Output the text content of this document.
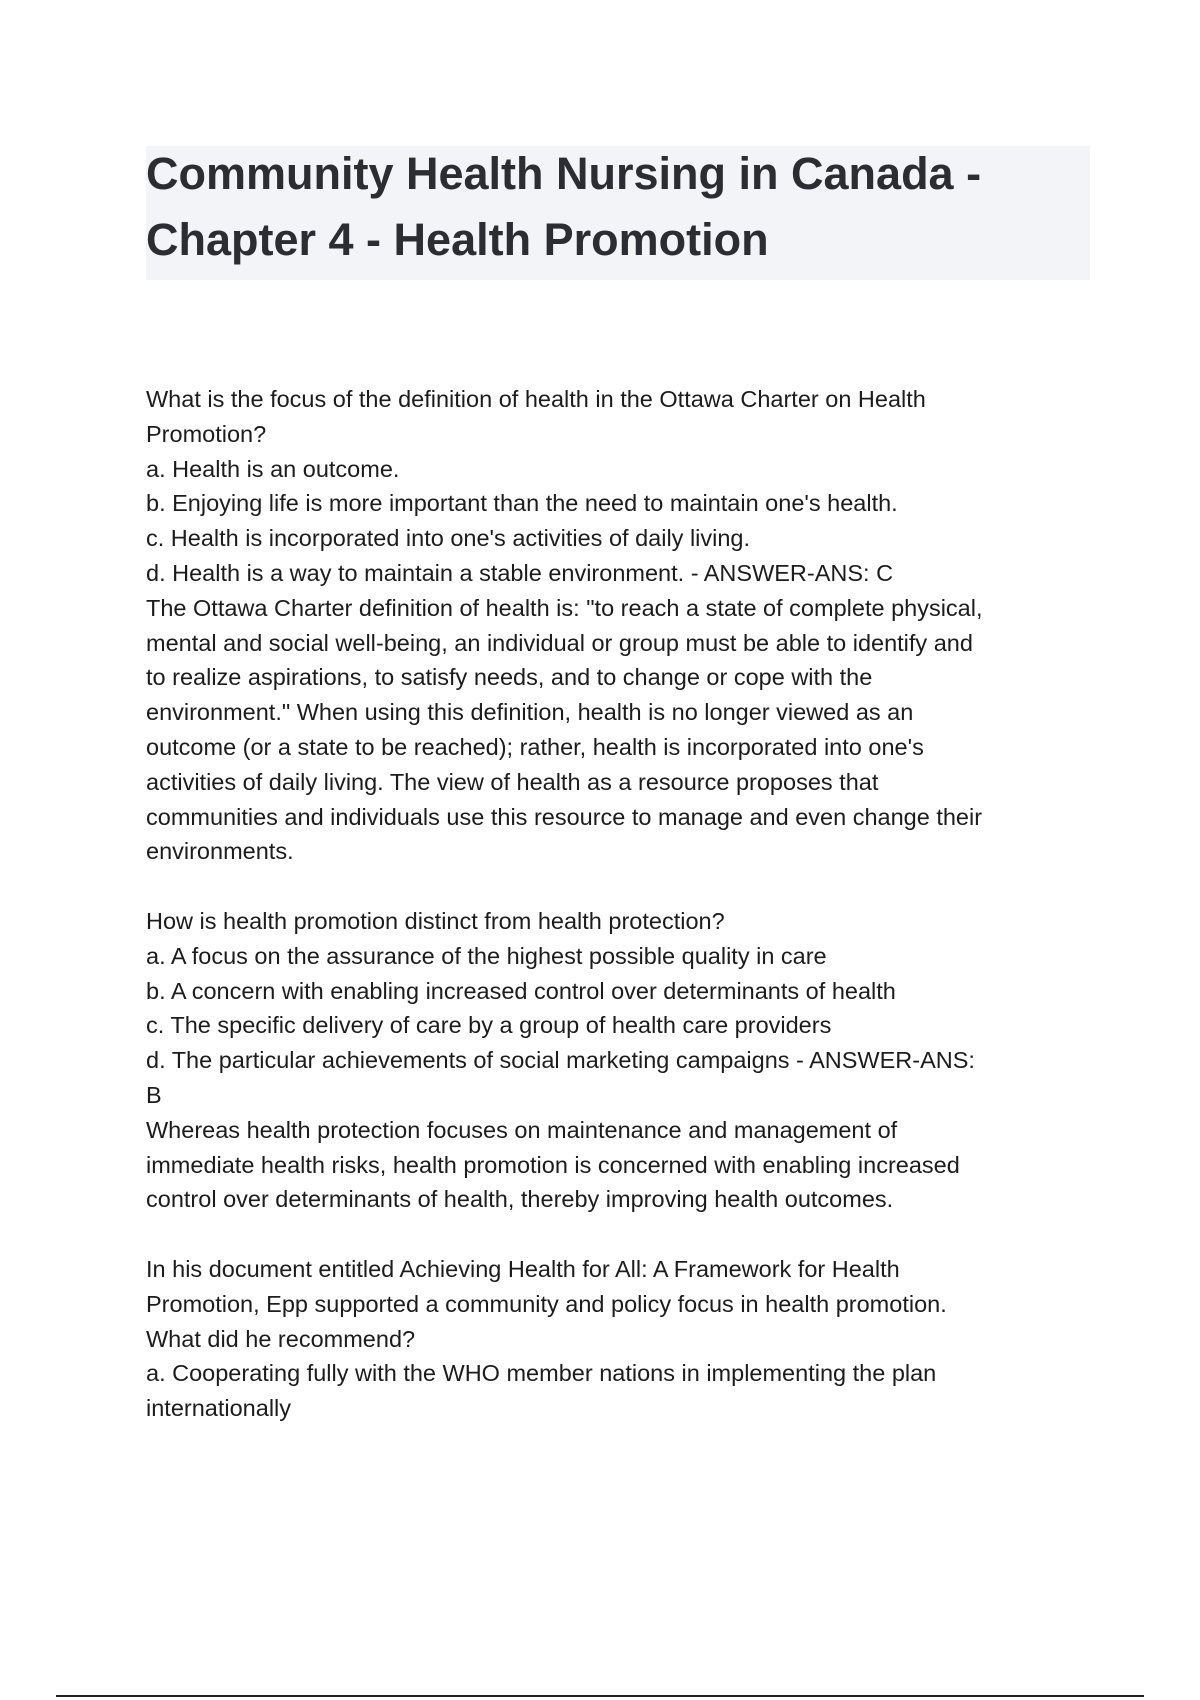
Community Health Nursing in Canada -
Chapter 4 - Health Promotion
What is the focus of the definition of health in the Ottawa Charter on Health
Promotion?
a. Health is an outcome.
b. Enjoying life is more important than the need to maintain one's health.
c. Health is incorporated into one's activities of daily living.
d. Health is a way to maintain a stable environment. - ANSWER-ANS: C
The Ottawa Charter definition of health is: "to reach a state of complete physical,
mental and social well-being, an individual or group must be able to identify and
to realize aspirations, to satisfy needs, and to change or cope with the
environment." When using this definition, health is no longer viewed as an
outcome (or a state to be reached); rather, health is incorporated into one's
activities of daily living. The view of health as a resource proposes that
communities and individuals use this resource to manage and even change their
environments.
How is health promotion distinct from health protection?
a. A focus on the assurance of the highest possible quality in care
b. A concern with enabling increased control over determinants of health
c. The specific delivery of care by a group of health care providers
d. The particular achievements of social marketing campaigns - ANSWER-ANS:
B
Whereas health protection focuses on maintenance and management of
immediate health risks, health promotion is concerned with enabling increased
control over determinants of health, thereby improving health outcomes.
In his document entitled Achieving Health for All: A Framework for Health
Promotion, Epp supported a community and policy focus in health promotion.
What did he recommend?
a. Cooperating fully with the WHO member nations in implementing the plan
internationally
